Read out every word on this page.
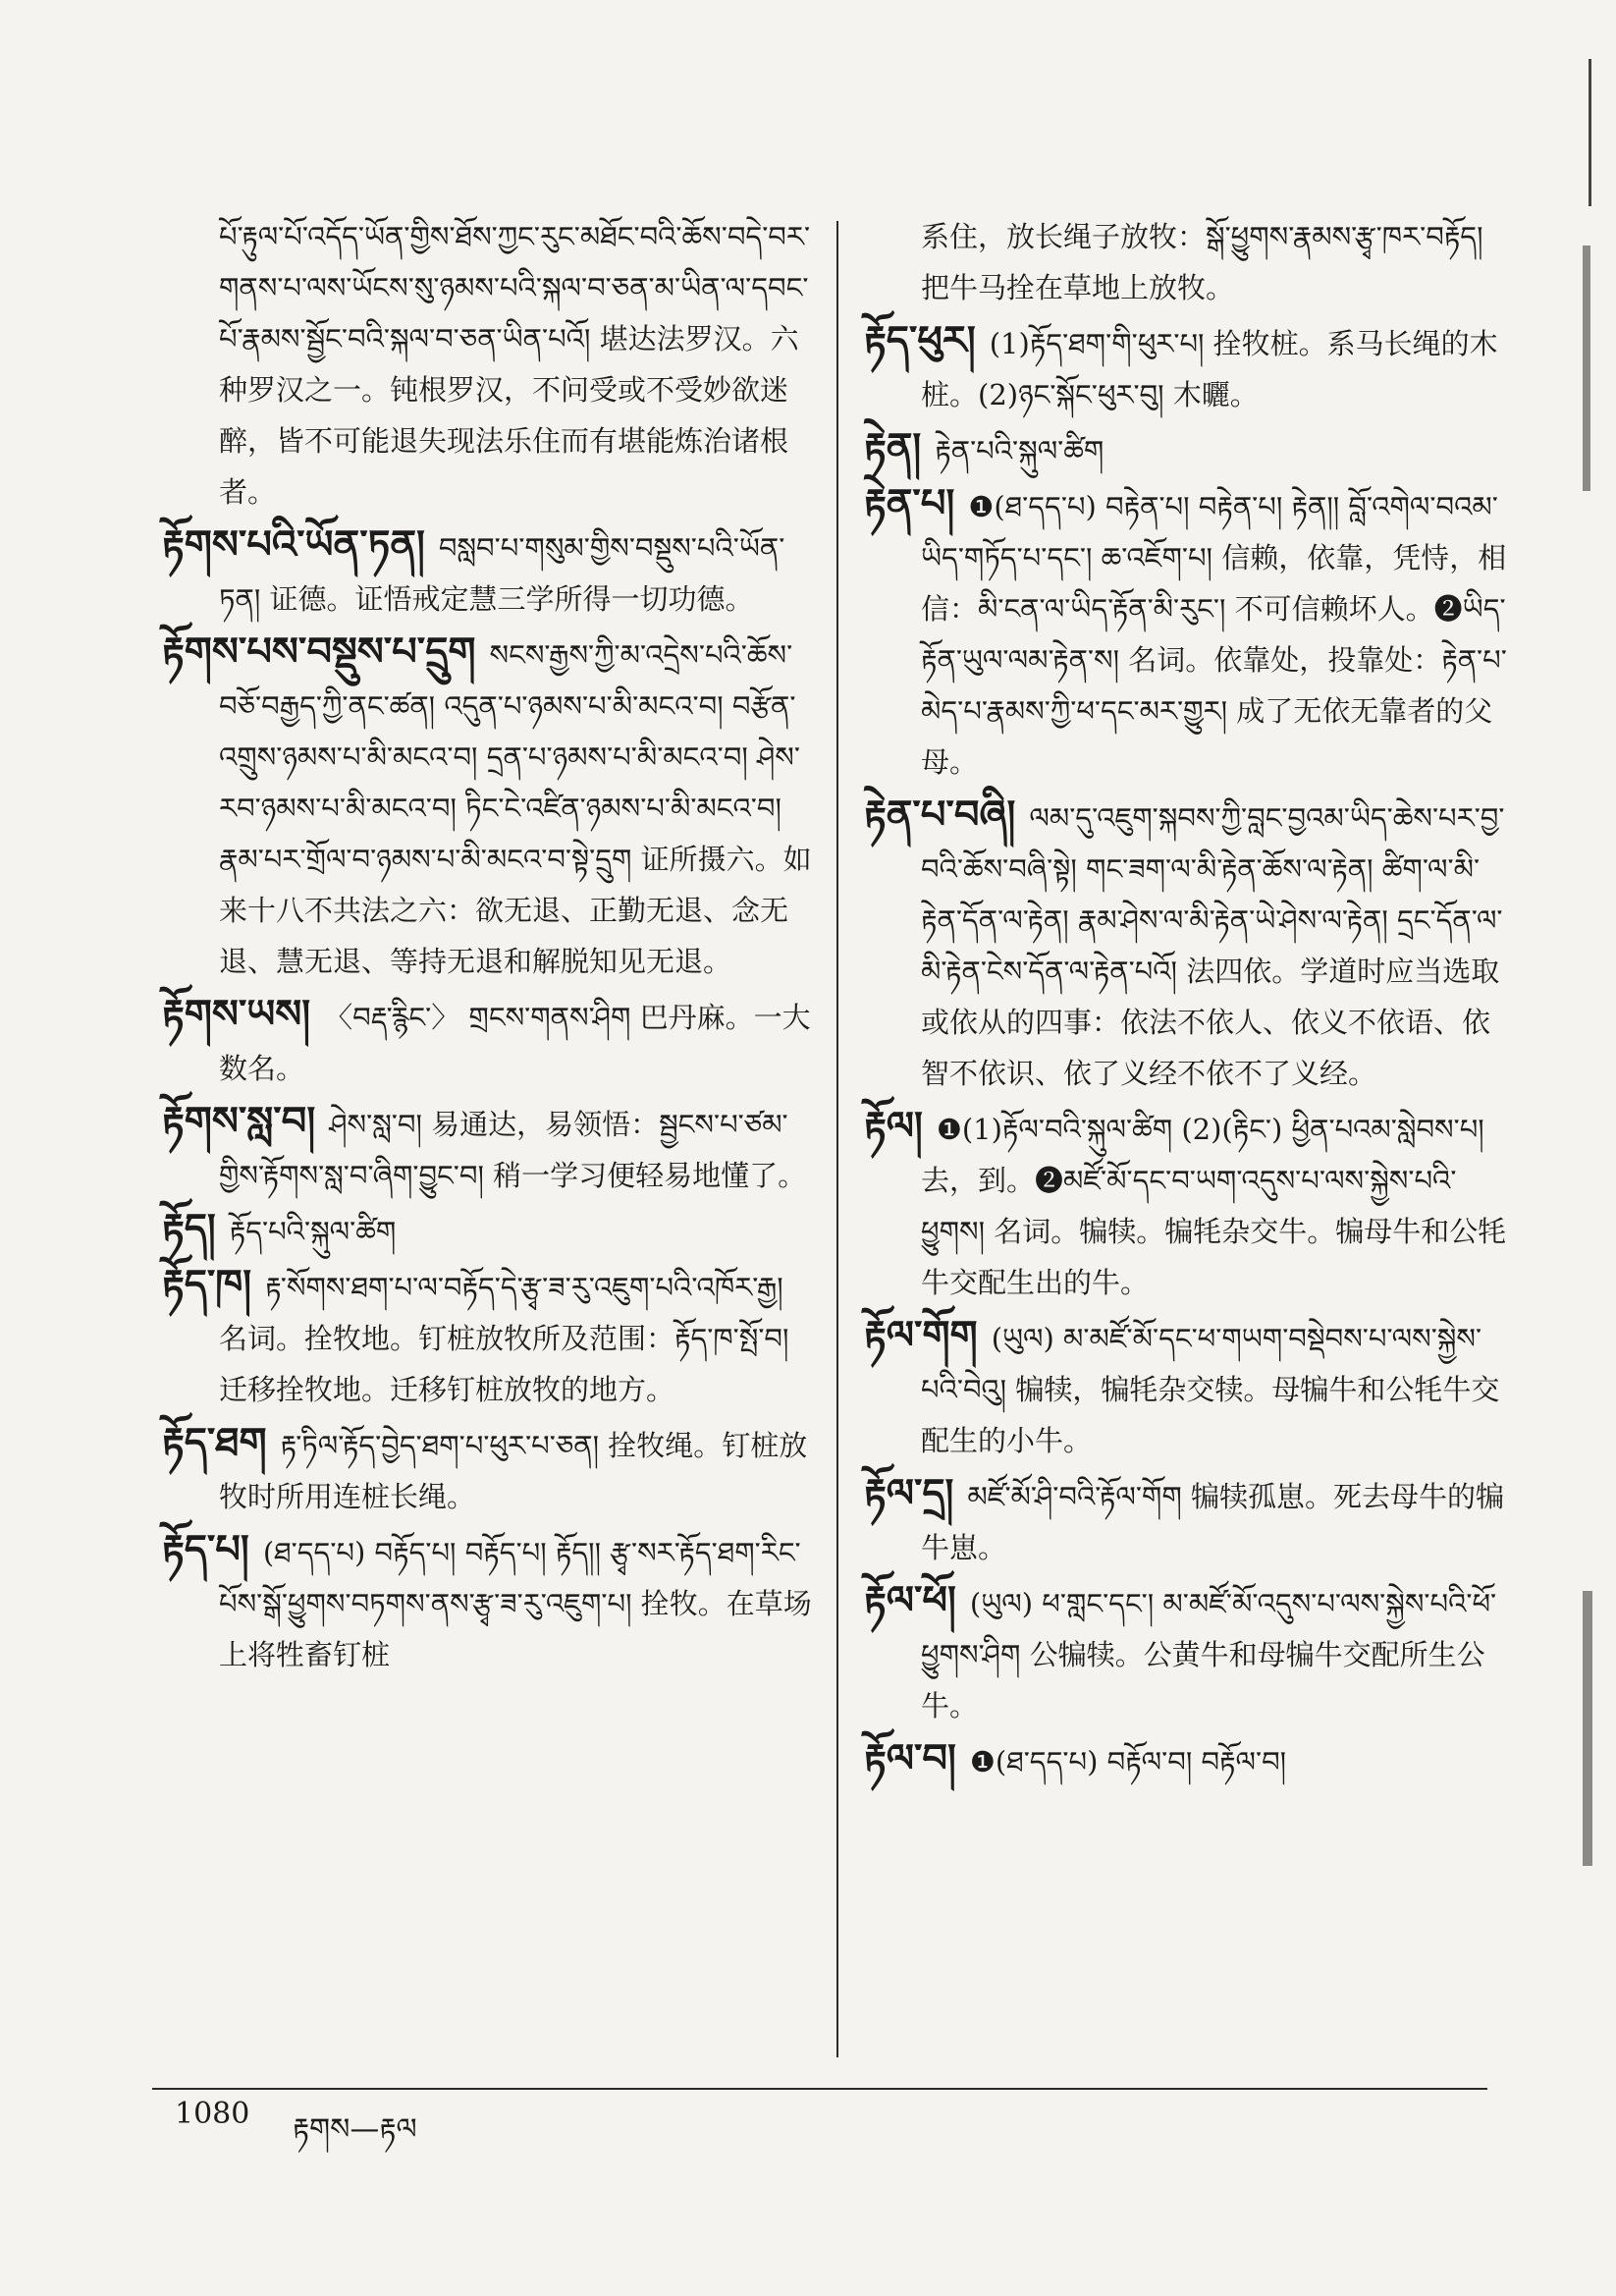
པོ་རྟུལ་པོ་འདོད་ཡོན་གྱིས་ཐོས་ཀྱང་རུང་མཐོང་བའི་ཆོས་བདེ་བར་གནས་པ་ལས་ཡོངས་སུ་ཉམས་པའི་སྐལ་བ་ཅན་མ་ཡིན་ལ་དབང་པོ་རྣམས་སྦྱོང་བའི་སྐལ་བ་ཅན་ཡིན་པའོ། 堪达法罗汉。六种罗汉之一。钝根罗汉，不问受或不受妙欲迷醉，皆不可能退失现法乐住而有堪能炼治诸根者。
རྟོགས་པའི་ཡོན་ཏན། བསླབ་པ་གསུམ་གྱིས་བསྡུས་པའི་ཡོན་ཏན། 证德。证悟戒定慧三学所得一切功德。
རྟོགས་པས་བསྡུས་པ་དྲུག སངས་རྒྱས་ཀྱི་མ་འདྲེས་པའི་ཆོས་བཅོ་བརྒྱད་ཀྱི་ནང་ཚན། འདུན་པ་ཉམས་པ་མི་མངའ་བ། བརྩོན་འགྲུས་ཉམས་པ་མི་མངའ་བ། དྲན་པ་ཉམས་པ་མི་མངའ་བ། ཤེས་རབ་ཉམས་པ་མི་མངའ་བ། ཏིང་ངེ་འཛིན་ཉམས་པ་མི་མངའ་བ། རྣམ་པར་གྲོལ་བ་ཉམས་པ་མི་མངའ་བ་སྟེ་དྲུག 证所摄六。如来十八不共法之六：欲无退、正勤无退、念无退、慧无退、等持无退和解脱知见无退。
རྟོགས་ཡས། 〈བརྡ་རྙིང་〉 གྲངས་གནས་ཤིག 巴丹麻。一大数名。
རྟོགས་སླ་བ། ཤེས་སླ་བ། 易通达，易领悟：སྦྱངས་པ་ཙམ་གྱིས་རྟོགས་སླ་བ་ཞིག་བྱུང་བ། 稍一学习便轻易地懂了。
རྟོད། རྟོད་པའི་སྐུལ་ཚིག
རྟོད་ཁ། རྟ་སོགས་ཐག་པ་ལ་བརྟོད་དེ་རྩྭ་ཟ་རུ་འཇུག་པའི་འཁོར་རྒྱ། 名词。拴牧地。钉桩放牧所及范围：རྟོད་ཁ་སྤོ་བ། 迁移拴牧地。迁移钉桩放牧的地方。
རྟོད་ཐག རྟ་ཏིལ་རྟོད་བྱེད་ཐག་པ་ཕུར་པ་ཅན། 拴牧绳。钉桩放牧时所用连桩长绳。
རྟོད་པ། (ཐ་དད་པ) བརྟོད་པ། བརྟོད་པ། རྟོད།། རྩྭ་སར་རྟོད་ཐག་རིང་པོས་སྒོ་ཕྱུགས་བཏགས་ནས་རྩྭ་ཟ་རུ་འཇུག་པ། 拴牧。在草场上将牲畜钉桩
系住，放长绳子放牧：སྒོ་ཕྱུགས་རྣམས་རྩྭ་ཁར་བརྟོད། 把牛马拴在草地上放牧。
རྟོད་ཕུར། (1)རྟོད་ཐག་གི་ཕུར་པ། 拴牧桩。系马长绳的木桩。(2)ཉང་སྐོང་ཕུར་བུ། 木曬。
རྟེན། རྟེན་པའི་སྐུལ་ཚིག
རྟེན་པ། ❶(ཐ་དད་པ) བརྟེན་པ། བརྟེན་པ། རྟེན།། བློ་འགེལ་བའམ་ཡིད་གཏོད་པ་དང་། ཆ་འཇོག་པ། 信赖，依靠，凭恃，相信：མི་ངན་ལ་ཡིད་རྟོན་མི་རུང་། 不可信赖坏人。❷ཡིད་རྟོན་ཡུལ་ལམ་རྟེན་ས། 名词。依靠处，投靠处：རྟེན་པ་མེད་པ་རྣམས་ཀྱི་ཕ་དང་མར་གྱུར། 成了无依无靠者的父母。
རྟེན་པ་བཞི། ལམ་དུ་འཇུག་སྐབས་ཀྱི་བླང་བྱའམ་ཡིད་ཆེས་པར་བྱ་བའི་ཆོས་བཞི་སྟེ། གང་ཟག་ལ་མི་རྟེན་ཆོས་ལ་རྟེན། ཚིག་ལ་མི་རྟེན་དོན་ལ་རྟེན། རྣམ་ཤེས་ལ་མི་རྟེན་ཡེ་ཤེས་ལ་རྟེན། དྲང་དོན་ལ་མི་རྟེན་ངེས་དོན་ལ་རྟེན་པའོ། 法四依。学道时应当选取或依从的四事：依法不依人、依义不依语、依智不依识、依了义经不依不了义经。
རྟོལ། ❶(1)རྟོལ་བའི་སྐུལ་ཚིག (2)(རྟིང་) ཕྱིན་པའམ་སླེབས་པ། 去，到。❷མཛོ་མོ་དང་བ་ཡག་འདུས་པ་ལས་སྐྱེས་པའི་ཕྱུགས། 名词。犏犊。犏牦杂交牛。犏母牛和公牦牛交配生出的牛。
རྟོལ་གོག (ཡུལ) མ་མཛོ་མོ་དང་ཕ་གཡག་བསྡེབས་པ་ལས་སྐྱེས་པའི་བེའུ། 犏犊，犏牦杂交犊。母犏牛和公牦牛交配生的小牛。
རྟོལ་དྲ། མཛོ་མོ་ཤི་བའི་རྟོལ་གོག 犏犊孤崽。死去母牛的犏牛崽。
རྟོལ་ཕོ། (ཡུལ) ཕ་གླང་དང་། མ་མཛོ་མོ་འདུས་པ་ལས་སྐྱེས་པའི་ཕོ་ཕྱུགས་ཤིག 公犏犊。公黄牛和母犏牛交配所生公牛。
རྟོལ་བ། ❶(ཐ་དད་པ) བརྟོལ་བ། བརྟོལ་བ།
1080 རྟགས—རྟལ
